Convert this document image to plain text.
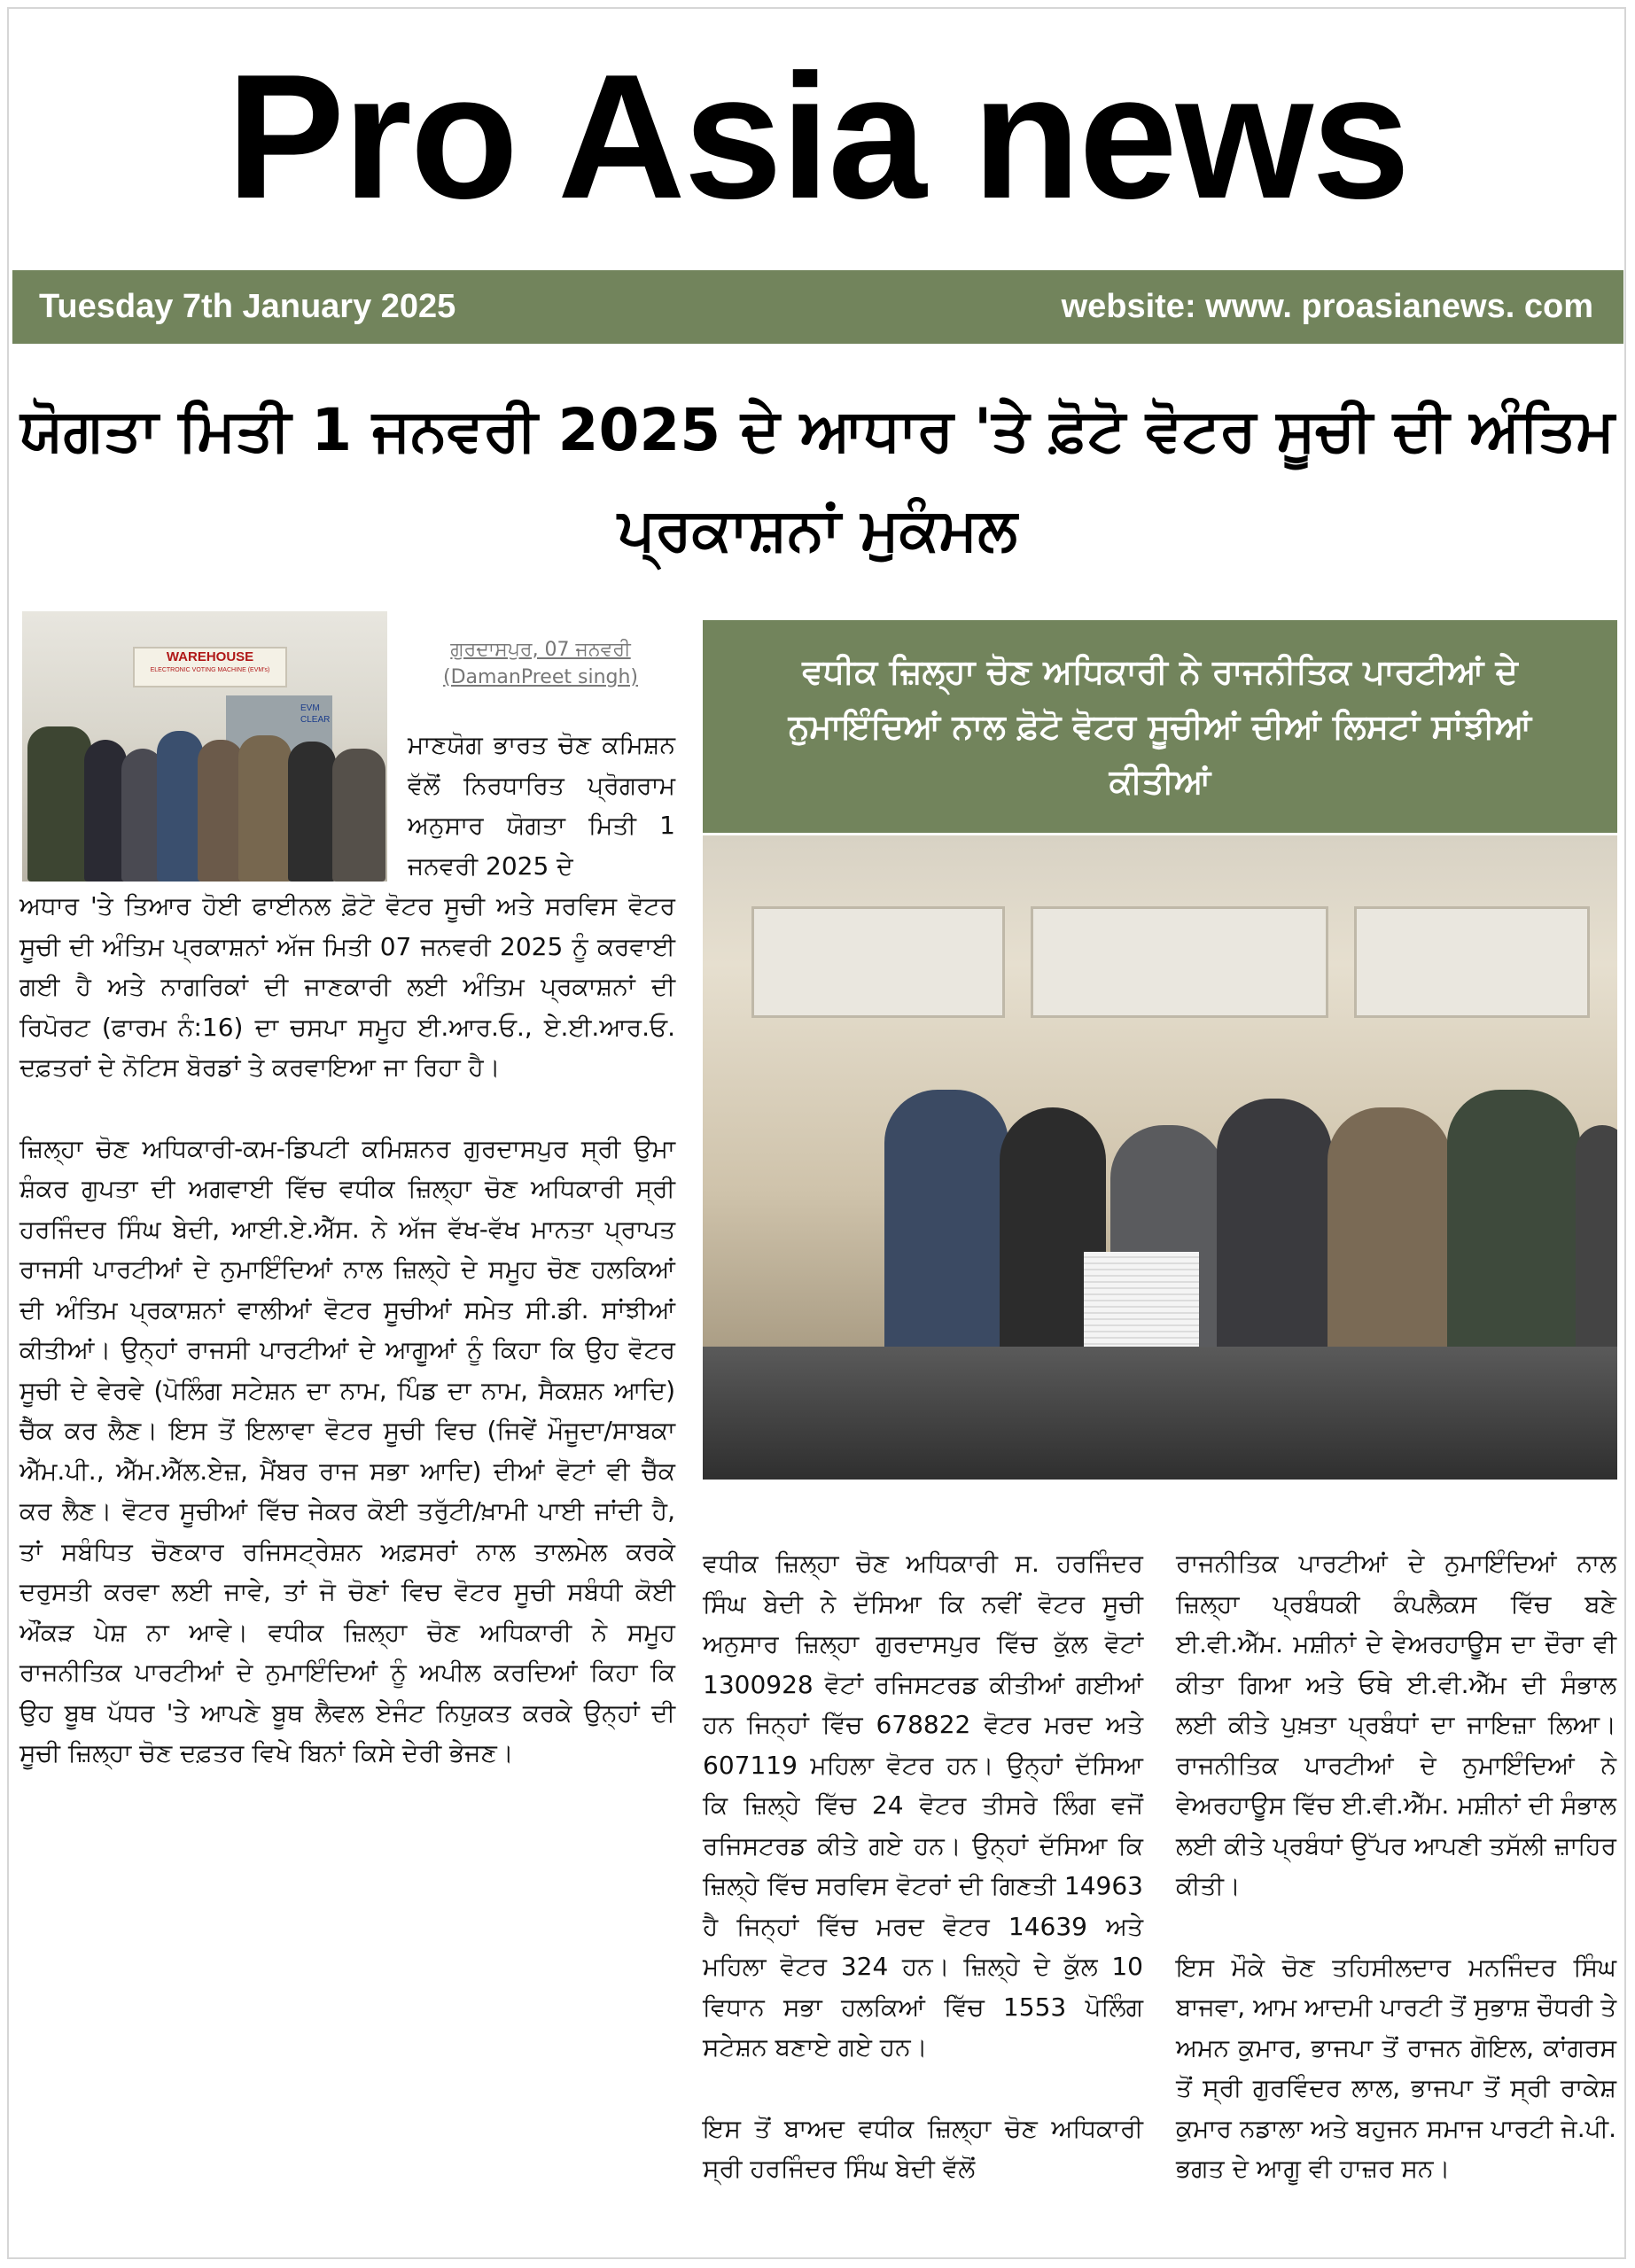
Pro Asia news
Tuesday 7th January 2025	website: www. proasianews. com
ਯੋਗਤਾ ਮਿਤੀ 1 ਜਨਵਰੀ 2025 ਦੇ ਆਧਾਰ 'ਤੇ ਫ਼ੋਟੋ ਵੋਟਰ ਸੂਚੀ ਦੀ ਅੰਤਿਮ ਪ੍ਰਕਾਸ਼ਨਾਂ ਮੁਕੰਮਲ
WAREHOUSE
ELECTRONIC VOTING MACHINE (EVM's)
EVM CLEAR
ਗੁਰਦਾਸਪੁਰ, 07 ਜਨਵਰੀ
(DamanPreet singh)

ਮਾਣਯੋਗ ਭਾਰਤ ਚੋਣ ਕਮਿਸ਼ਨ ਵੱਲੋਂ ਨਿਰਧਾਰਿਤ ਪ੍ਰੋਗਰਾਮ ਅਨੁਸਾਰ ਯੋਗਤਾ ਮਿਤੀ 1 ਜਨਵਰੀ 2025 ਦੇ

ਅਧਾਰ 'ਤੇ ਤਿਆਰ ਹੋਈ ਫਾਈਨਲ ਫ਼ੋਟੋ ਵੋਟਰ ਸੂਚੀ ਅਤੇ ਸਰਵਿਸ ਵੋਟਰ ਸੂਚੀ ਦੀ ਅੰਤਿਮ ਪ੍ਰਕਾਸ਼ਨਾਂ ਅੱਜ ਮਿਤੀ 07 ਜਨਵਰੀ 2025 ਨੂੰ ਕਰਵਾਈ ਗਈ ਹੈ ਅਤੇ ਨਾਗਰਿਕਾਂ ਦੀ ਜਾਣਕਾਰੀ ਲਈ ਅੰਤਿਮ ਪ੍ਰਕਾਸ਼ਨਾਂ ਦੀ ਰਿਪੋਰਟ (ਫਾਰਮ ਨੰ:16) ਦਾ ਚਸਪਾ ਸਮੂਹ ਈ.ਆਰ.ਓ., ਏ.ਈ.ਆਰ.ਓ. ਦਫ਼ਤਰਾਂ ਦੇ ਨੋਟਿਸ ਬੋਰਡਾਂ ਤੇ ਕਰਵਾਇਆ ਜਾ ਰਿਹਾ ਹੈ।

ਜ਼ਿਲ੍ਹਾ ਚੋਣ ਅਧਿਕਾਰੀ-ਕਮ-ਡਿਪਟੀ ਕਮਿਸ਼ਨਰ ਗੁਰਦਾਸਪੁਰ ਸ੍ਰੀ ਉਮਾ ਸ਼ੰਕਰ ਗੁਪਤਾ ਦੀ ਅਗਵਾਈ ਵਿੱਚ ਵਧੀਕ ਜ਼ਿਲ੍ਹਾ ਚੋਣ ਅਧਿਕਾਰੀ ਸ੍ਰੀ ਹਰਜਿੰਦਰ ਸਿੰਘ ਬੇਦੀ, ਆਈ.ਏ.ਐੱਸ. ਨੇ ਅੱਜ ਵੱਖ-ਵੱਖ ਮਾਨਤਾ ਪ੍ਰਾਪਤ ਰਾਜਸੀ ਪਾਰਟੀਆਂ ਦੇ ਨੁਮਾਇੰਦਿਆਂ ਨਾਲ ਜ਼ਿਲ੍ਹੇ ਦੇ ਸਮੂਹ ਚੋਣ ਹਲਕਿਆਂ ਦੀ ਅੰਤਿਮ ਪ੍ਰਕਾਸ਼ਨਾਂ ਵਾਲੀਆਂ ਵੋਟਰ ਸੂਚੀਆਂ ਸਮੇਤ ਸੀ.ਡੀ. ਸਾਂਝੀਆਂ ਕੀਤੀਆਂ। ਉਨ੍ਹਾਂ ਰਾਜਸੀ ਪਾਰਟੀਆਂ ਦੇ ਆਗੂਆਂ ਨੂੰ ਕਿਹਾ ਕਿ ਉਹ ਵੋਟਰ ਸੂਚੀ ਦੇ ਵੇਰਵੇ (ਪੋਲਿੰਗ ਸਟੇਸ਼ਨ ਦਾ ਨਾਮ, ਪਿੰਡ ਦਾ ਨਾਮ, ਸੈਕਸ਼ਨ ਆਦਿ) ਚੈੱਕ ਕਰ ਲੈਣ। ਇਸ ਤੋਂ ਇਲਾਵਾ ਵੋਟਰ ਸੂਚੀ ਵਿਚ (ਜਿਵੇਂ ਮੌਜੂਦਾ/ਸਾਬਕਾ ਐੱਮ.ਪੀ., ਐੱਮ.ਐੱਲ.ਏਜ਼, ਮੈਂਬਰ ਰਾਜ ਸਭਾ ਆਦਿ) ਦੀਆਂ ਵੋਟਾਂ ਵੀ ਚੈੱਕ ਕਰ ਲੈਣ। ਵੋਟਰ ਸੂਚੀਆਂ ਵਿੱਚ ਜੇਕਰ ਕੋਈ ਤਰੁੱਟੀ/ਖ਼ਾਮੀ ਪਾਈ ਜਾਂਦੀ ਹੈ, ਤਾਂ ਸਬੰਧਿਤ ਚੋਣਕਾਰ ਰਜਿਸਟ੍ਰੇਸ਼ਨ ਅਫ਼ਸਰਾਂ ਨਾਲ ਤਾਲਮੇਲ ਕਰਕੇ ਦਰੁਸਤੀ ਕਰਵਾ ਲਈ ਜਾਵੇ, ਤਾਂ ਜੋ ਚੋਣਾਂ ਵਿਚ ਵੋਟਰ ਸੂਚੀ ਸਬੰਧੀ ਕੋਈ ਔਂਕੜ ਪੇਸ਼ ਨਾ ਆਵੇ। ਵਧੀਕ ਜ਼ਿਲ੍ਹਾ ਚੋਣ ਅਧਿਕਾਰੀ ਨੇ ਸਮੂਹ ਰਾਜਨੀਤਿਕ ਪਾਰਟੀਆਂ ਦੇ ਨੁਮਾਇੰਦਿਆਂ ਨੂੰ ਅਪੀਲ ਕਰਦਿਆਂ ਕਿਹਾ ਕਿ ਉਹ ਬੂਥ ਪੱਧਰ 'ਤੇ ਆਪਣੇ ਬੂਥ ਲੈਵਲ ਏਜੰਟ ਨਿਯੁਕਤ ਕਰਕੇ ਉਨ੍ਹਾਂ ਦੀ ਸੂਚੀ ਜ਼ਿਲ੍ਹਾ ਚੋਣ ਦਫ਼ਤਰ ਵਿਖੇ ਬਿਨਾਂ ਕਿਸੇ ਦੇਰੀ ਭੇਜਣ।

ਵਧੀਕ ਜ਼ਿਲ੍ਹਾ ਚੋਣ ਅਧਿਕਾਰੀ ਨੇ ਰਾਜਨੀਤਿਕ ਪਾਰਟੀਆਂ ਦੇ ਨੁਮਾਇੰਦਿਆਂ ਨਾਲ ਫ਼ੋਟੋ ਵੋਟਰ ਸੂਚੀਆਂ ਦੀਆਂ ਲਿਸਟਾਂ ਸਾਂਝੀਆਂ ਕੀਤੀਆਂ

ਵਧੀਕ ਜ਼ਿਲ੍ਹਾ ਚੋਣ ਅਧਿਕਾਰੀ ਸ. ਹਰਜਿੰਦਰ ਸਿੰਘ ਬੇਦੀ ਨੇ ਦੱਸਿਆ ਕਿ ਨਵੀਂ ਵੋਟਰ ਸੂਚੀ ਅਨੁਸਾਰ ਜ਼ਿਲ੍ਹਾ ਗੁਰਦਾਸਪੁਰ ਵਿੱਚ ਕੁੱਲ ਵੋਟਾਂ 1300928 ਵੋਟਾਂ ਰਜਿਸਟਰਡ ਕੀਤੀਆਂ ਗਈਆਂ ਹਨ ਜਿਨ੍ਹਾਂ ਵਿੱਚ 678822 ਵੋਟਰ ਮਰਦ ਅਤੇ 607119 ਮਹਿਲਾ ਵੋਟਰ ਹਨ। ਉਨ੍ਹਾਂ ਦੱਸਿਆ ਕਿ ਜ਼ਿਲ੍ਹੇ ਵਿੱਚ 24 ਵੋਟਰ ਤੀਸਰੇ ਲਿੰਗ ਵਜੋਂ ਰਜਿਸਟਰਡ ਕੀਤੇ ਗਏ ਹਨ। ਉਨ੍ਹਾਂ ਦੱਸਿਆ ਕਿ ਜ਼ਿਲ੍ਹੇ ਵਿੱਚ ਸਰਵਿਸ ਵੋਟਰਾਂ ਦੀ ਗਿਣਤੀ 14963 ਹੈ ਜਿਨ੍ਹਾਂ ਵਿੱਚ ਮਰਦ ਵੋਟਰ 14639 ਅਤੇ ਮਹਿਲਾ ਵੋਟਰ 324 ਹਨ। ਜ਼ਿਲ੍ਹੇ ਦੇ ਕੁੱਲ 10 ਵਿਧਾਨ ਸਭਾ ਹਲਕਿਆਂ ਵਿੱਚ 1553 ਪੋਲਿੰਗ ਸਟੇਸ਼ਨ ਬਣਾਏ ਗਏ ਹਨ।

ਇਸ ਤੋਂ ਬਾਅਦ ਵਧੀਕ ਜ਼ਿਲ੍ਹਾ ਚੋਣ ਅਧਿਕਾਰੀ ਸ੍ਰੀ ਹਰਜਿੰਦਰ ਸਿੰਘ ਬੇਦੀ ਵੱਲੋਂ

ਰਾਜਨੀਤਿਕ ਪਾਰਟੀਆਂ ਦੇ ਨੁਮਾਇੰਦਿਆਂ ਨਾਲ ਜ਼ਿਲ੍ਹਾ ਪ੍ਰਬੰਧਕੀ ਕੰਪਲੈਕਸ ਵਿੱਚ ਬਣੇ ਈ.ਵੀ.ਐੱਮ. ਮਸ਼ੀਨਾਂ ਦੇ ਵੇਅਰਹਾਊਸ ਦਾ ਦੌਰਾ ਵੀ ਕੀਤਾ ਗਿਆ ਅਤੇ ਓਥੇ ਈ.ਵੀ.ਐੱਮ ਦੀ ਸੰਭਾਲ ਲਈ ਕੀਤੇ ਪੁਖ਼ਤਾ ਪ੍ਰਬੰਧਾਂ ਦਾ ਜਾਇਜ਼ਾ ਲਿਆ। ਰਾਜਨੀਤਿਕ ਪਾਰਟੀਆਂ ਦੇ ਨੁਮਾਇੰਦਿਆਂ ਨੇ ਵੇਅਰਹਾਊਸ ਵਿੱਚ ਈ.ਵੀ.ਐੱਮ. ਮਸ਼ੀਨਾਂ ਦੀ ਸੰਭਾਲ ਲਈ ਕੀਤੇ ਪ੍ਰਬੰਧਾਂ ਉੱਪਰ ਆਪਣੀ ਤਸੱਲੀ ਜ਼ਾਹਿਰ ਕੀਤੀ।

ਇਸ ਮੌਕੇ ਚੋਣ ਤਹਿਸੀਲਦਾਰ ਮਨਜਿੰਦਰ ਸਿੰਘ ਬਾਜਵਾ, ਆਮ ਆਦਮੀ ਪਾਰਟੀ ਤੋਂ ਸੁਭਾਸ਼ ਚੌਧਰੀ ਤੇ ਅਮਨ ਕੁਮਾਰ, ਭਾਜਪਾ ਤੋਂ ਰਾਜਨ ਗੋਇਲ, ਕਾਂਗਰਸ ਤੋਂ ਸ੍ਰੀ ਗੁਰਵਿੰਦਰ ਲਾਲ, ਭਾਜਪਾ ਤੋਂ ਸ੍ਰੀ ਰਾਕੇਸ਼ ਕੁਮਾਰ ਨਡਾਲਾ ਅਤੇ ਬਹੁਜਨ ਸਮਾਜ ਪਾਰਟੀ ਜੇ.ਪੀ. ਭਗਤ ਦੇ ਆਗੂ ਵੀ ਹਾਜ਼ਰ ਸਨ।
